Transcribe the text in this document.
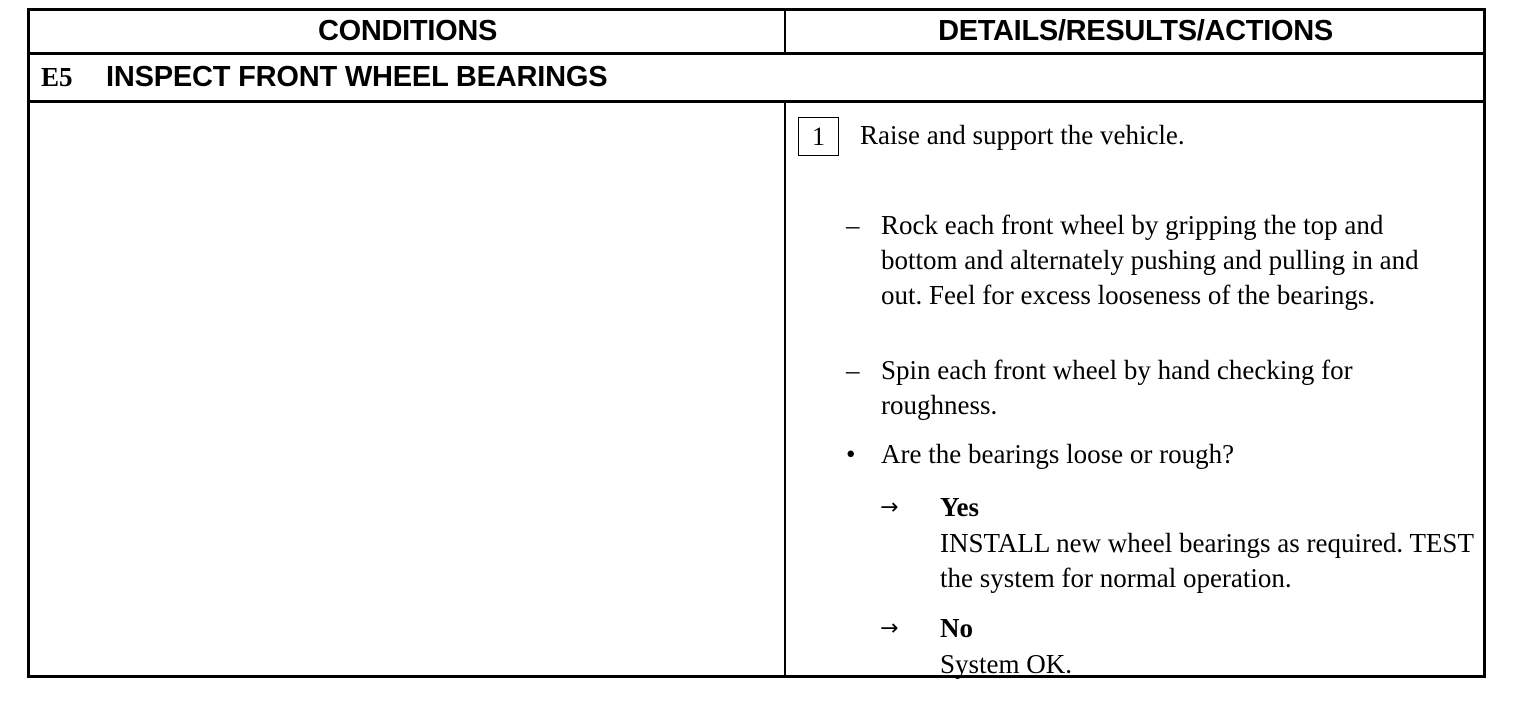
CONDITIONS	DETAILS/RESULTS/ACTIONS
E5 INSPECT FRONT WHEEL BEARINGS
1	Raise and support the vehicle.
– Rock each front wheel by gripping the top and bottom and alternately pushing and pulling in and out. Feel for excess looseness of the bearings.
– Spin each front wheel by hand checking for roughness.
• Are the bearings loose or rough?
→ Yes
INSTALL new wheel bearings as required. TEST the system for normal operation.
→ No
System OK.
